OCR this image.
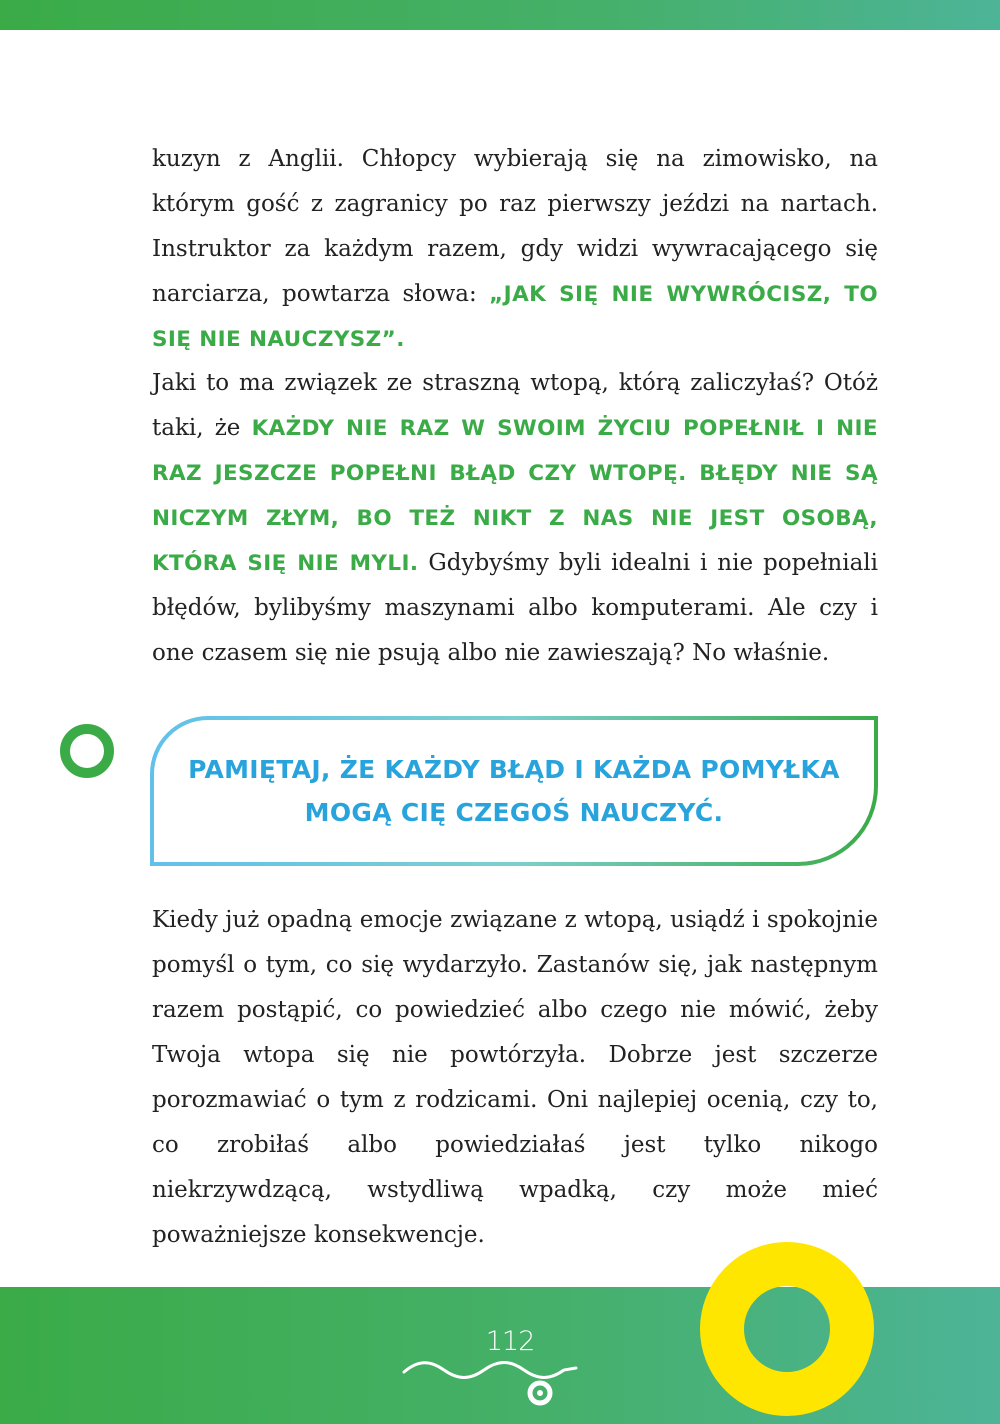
kuzyn z Anglii. Chłopcy wybierają się na zimowisko, na którym gość z zagranicy po raz pierwszy jeździ na nartach. Instruktor za każdym razem, gdy widzi wywracającego się narciarza, powtarza słowa: „JAK SIĘ NIE WYWRÓCISZ, TO SIĘ NIE NAUCZYSZ”.

Jaki to ma związek ze straszną wtopą, którą zaliczyłaś? Otóż taki, że KAŻDY NIE RAZ W SWOIM ŻYCIU POPEŁNIŁ I NIE RAZ JESZCZE POPEŁNI BŁĄD CZY WTOPĘ. BŁĘDY NIE SĄ NICZYM ZŁYM, BO TEŻ NIKT Z NAS NIE JEST OSOBĄ, KTÓRA SIĘ NIE MYLI. Gdybyśmy byli idealni i nie popełniali błędów, bylibyśmy maszynami albo komputerami. Ale czy i one czasem się nie psują albo nie zawieszają? No właśnie.

PAMIĘTAJ, ŻE KAŻDY BŁĄD I KAŻDA POMYŁKA
MOGĄ CIĘ CZEGOŚ NAUCZYĆ.

Kiedy już opadną emocje związane z wtopą, usiądź i spokojnie pomyśl o tym, co się wydarzyło. Zastanów się, jak następnym razem postąpić, co powiedzieć albo czego nie mówić, żeby Twoja wtopa się nie powtórzyła. Dobrze jest szczerze porozmawiać o tym z rodzicami. Oni najlepiej ocenią, czy to, co zrobiłaś albo powiedziałaś jest tylko nikogo niekrzywdzącą, wstydliwą wpadką, czy może mieć poważniejsze konsekwencje.

112
